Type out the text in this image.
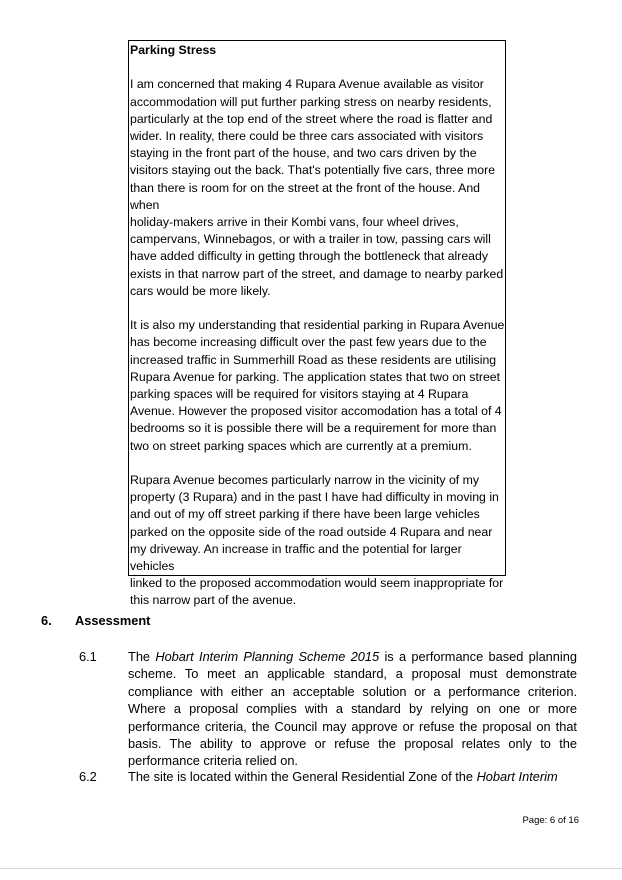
Parking Stress

I am concerned that making 4 Rupara Avenue available as visitor

accommodation will put further parking stress on nearby residents,

particularly at the top end of the street where the road is flatter and

wider. In reality, there could be three cars associated with visitors

staying in the front part of the house, and two cars driven by the

visitors staying out the back. That's potentially five cars, three more

than there is room for on the street at the front of the house. And when

holiday-makers arrive in their Kombi vans, four wheel drives,

campervans, Winnebagos, or with a trailer in tow, passing cars will

have added difficulty in getting through the bottleneck that already

exists in that narrow part of the street, and damage to nearby parked

cars would be more likely.

It is also my understanding that residential parking in Rupara Avenue

has become increasing difficult over the past few years due to the

increased traffic in Summerhill Road as these residents are utilising

Rupara Avenue for parking. The application states that two on street

parking spaces will be required for visitors staying at 4 Rupara

Avenue. However the proposed visitor accomodation has a total of 4

bedrooms so it is possible there will be a requirement for more than

two on street parking spaces which are currently at a premium.

Rupara Avenue becomes particularly narrow in the vicinity of my

property (3 Rupara) and in the past I have had difficulty in moving in

and out of my off street parking if there have been large vehicles

parked on the opposite side of the road outside 4 Rupara and near

my driveway. An increase in traffic and the potential for larger vehicles

linked to the proposed accommodation would seem inappropriate for

this narrow part of the avenue.

6. Assessment
6.1 The Hobart Interim Planning Scheme 2015 is a performance based planning scheme. To meet an applicable standard, a proposal must demonstrate compliance with either an acceptable solution or a performance criterion. Where a proposal complies with a standard by relying on one or more performance criteria, the Council may approve or refuse the proposal on that basis. The ability to approve or refuse the proposal relates only to the performance criteria relied on.
6.2 The site is located within the General Residential Zone of the Hobart Interim
Page: 6 of 16
